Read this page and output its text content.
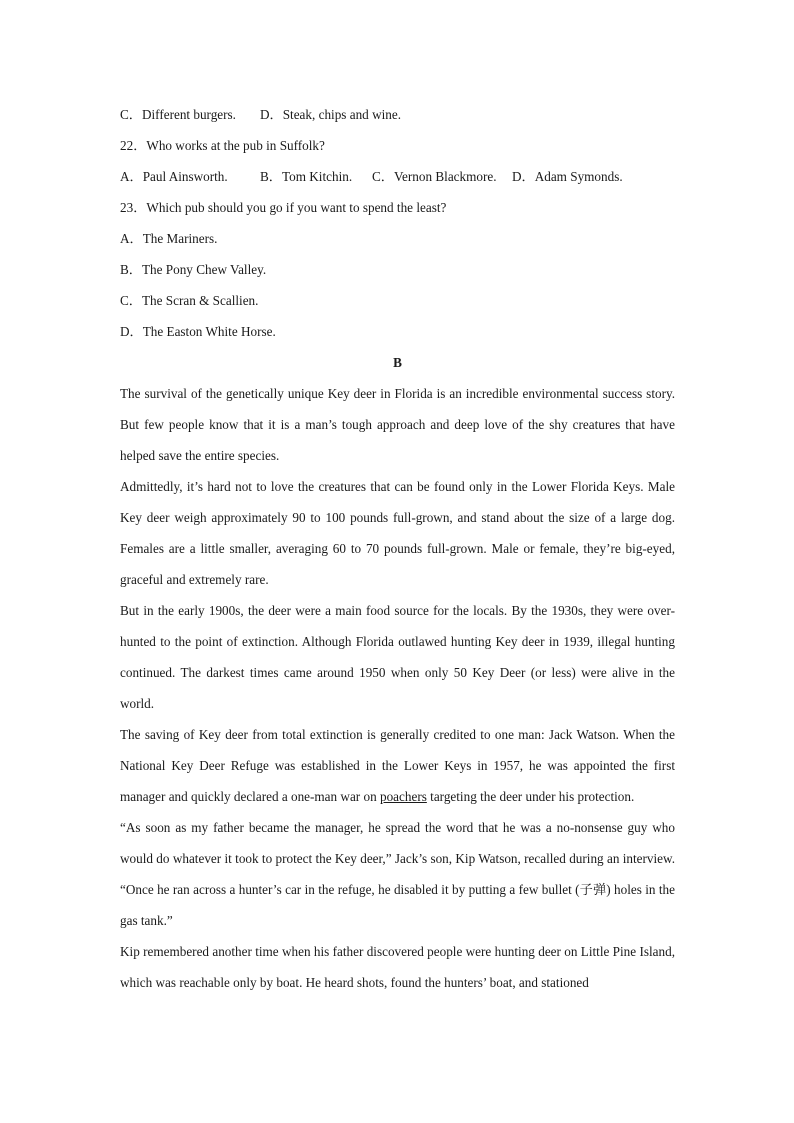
C．Different burgers. D．Steak, chips and wine.
22．Who works at the pub in Suffolk?
A．Paul Ainsworth. B．Tom Kitchin. C．Vernon Blackmore. D．Adam Symonds.
23．Which pub should you go if you want to spend the least?
A．The Mariners.
B．The Pony Chew Valley.
C．The Scran & Scallien.
D．The Easton White Horse.
B
The survival of the genetically unique Key deer in Florida is an incredible environmental success story. But few people know that it is a man’s tough approach and deep love of the shy creatures that have helped save the entire species.
Admittedly, it’s hard not to love the creatures that can be found only in the Lower Florida Keys. Male Key deer weigh approximately 90 to 100 pounds full-grown, and stand about the size of a large dog. Females are a little smaller, averaging 60 to 70 pounds full-grown. Male or female, they’re big-eyed, graceful and extremely rare.
But in the early 1900s, the deer were a main food source for the locals. By the 1930s, they were over-hunted to the point of extinction. Although Florida outlawed hunting Key deer in 1939, illegal hunting continued. The darkest times came around 1950 when only 50 Key Deer (or less) were alive in the world.
The saving of Key deer from total extinction is generally credited to one man: Jack Watson. When the National Key Deer Refuge was established in the Lower Keys in 1957, he was appointed the first manager and quickly declared a one-man war on poachers targeting the deer under his protection.
“As soon as my father became the manager, he spread the word that he was a no-nonsense guy who would do whatever it took to protect the Key deer,” Jack’s son, Kip Watson, recalled during an interview. “Once he ran across a hunter’s car in the refuge, he disabled it by putting a few bullet (子弹) holes in the gas tank.”
Kip remembered another time when his father discovered people were hunting deer on Little Pine Island, which was reachable only by boat. He heard shots, found the hunters’ boat, and stationed
